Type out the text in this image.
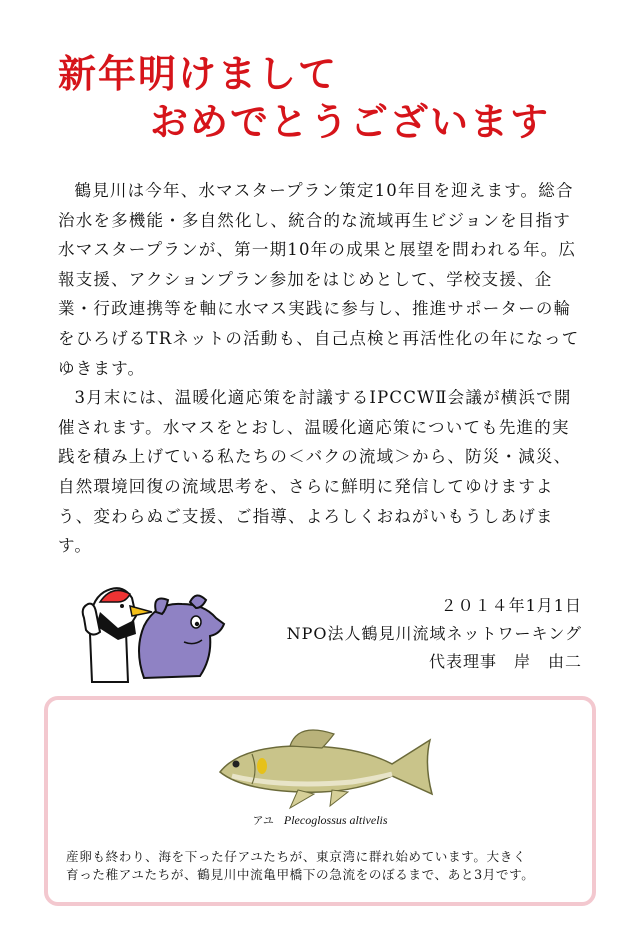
新年明けまして
おめでとうございます

鶴見川は今年、水マスタープラン策定10年目を迎えます。総合治水を多機能・多自然化し、統合的な流域再生ビジョンを目指す水マスタープランが、第一期10年の成果と展望を問われる年。広報支援、アクションプラン参加をはじめとして、学校支援、企業・行政連携等を軸に水マス実践に参与し、推進サポーターの輪をひろげるTRネットの活動も、自己点検と再活性化の年になってゆきます。

3月末には、温暖化適応策を討議するIPCCWⅡ会議が横浜で開催されます。水マスをとおし、温暖化適応策についても先進的実践を積み上げている私たちの＜バクの流域＞から、防災・減災、自然環境回復の流域思考を、さらに鮮明に発信してゆけますよう、変わらぬご支援、ご指導、よろしくおねがいもうしあげます。

２０１４年1月1日
NPO法人鶴見川流域ネットワーキング
代表理事　岸　由二
アユ Plecoglossus altivelis
産卵も終わり、海を下った仔アユたちが、東京湾に群れ始めています。大きく
育った稚アユたちが、鶴見川中流亀甲橋下の急流をのぼるまで、あと3月です。
